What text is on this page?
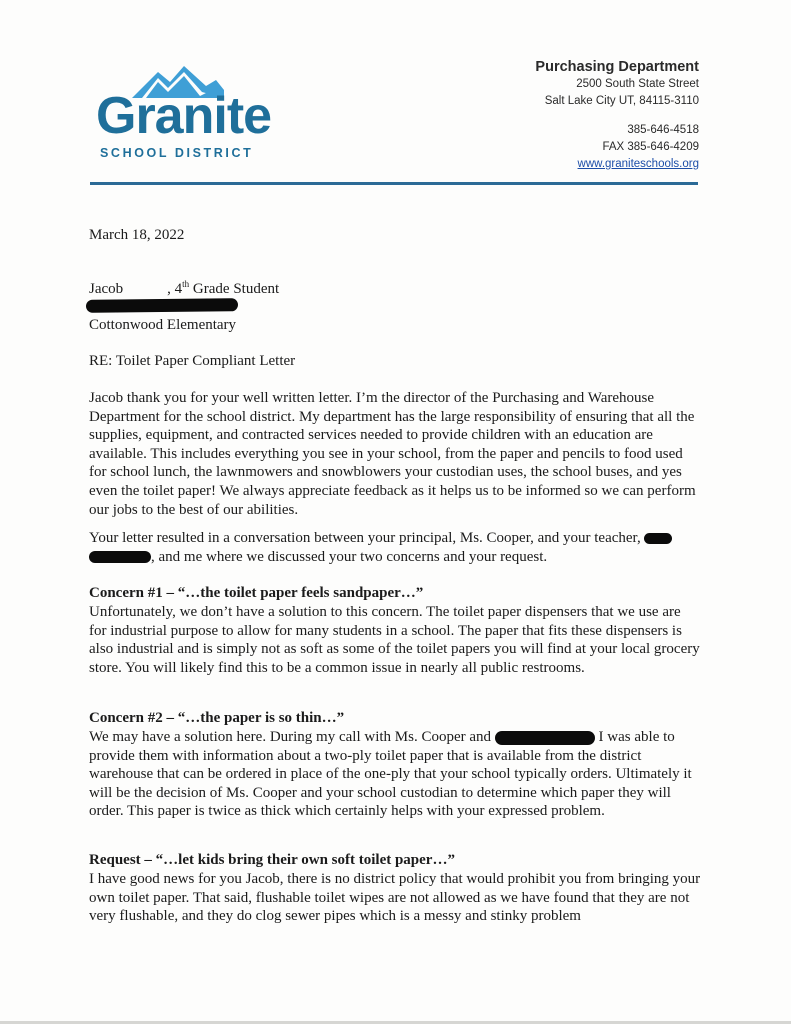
Granite
SCHOOL DISTRICT
Purchasing Department
2500 South State Street
Salt Lake City UT, 84115-3110
385-646-4518
FAX 385-646-4209
www.graniteschools.org
March 18, 2022
Jacob	, 4th Grade Student
Cottonwood Elementary
RE: Toilet Paper Compliant Letter

Jacob thank you for your well written letter. I’m the director of the Purchasing and Warehouse Department for the school district. My department has the large responsibility of ensuring that all the supplies, equipment, and contracted services needed to provide children with an education are available. This includes everything you see in your school, from the paper and pencils to food used for school lunch, the lawnmowers and snowblowers your custodian uses, the school buses, and yes even the toilet paper! We always appreciate feedback as it helps us to be informed so we can perform our jobs to the best of our abilities.

Your letter resulted in a conversation between your principal, Ms. Cooper, and your teacher,
, and me where we discussed your two concerns and your request.
Concern #1 – “…the toilet paper feels sandpaper…”
Unfortunately, we don’t have a solution to this concern. The toilet paper dispensers that we use are for industrial purpose to allow for many students in a school. The paper that fits these dispensers is also industrial and is simply not as soft as some of the toilet papers you will find at your local grocery store. You will likely find this to be a common issue in nearly all public restrooms.
Concern #2 – “…the paper is so thin…”
We may have a solution here. During my call with Ms. Cooper and	I was able to provide them with information about a two-ply toilet paper that is available from the district warehouse that can be ordered in place of the one-ply that your school typically orders. Ultimately it will be the decision of Ms. Cooper and your school custodian to determine which paper they will order. This paper is twice as thick which certainly helps with your expressed problem.
Request – “…let kids bring their own soft toilet paper…”
I have good news for you Jacob, there is no district policy that would prohibit you from bringing your own toilet paper. That said, flushable toilet wipes are not allowed as we have found that they are not very flushable, and they do clog sewer pipes which is a messy and stinky problem
